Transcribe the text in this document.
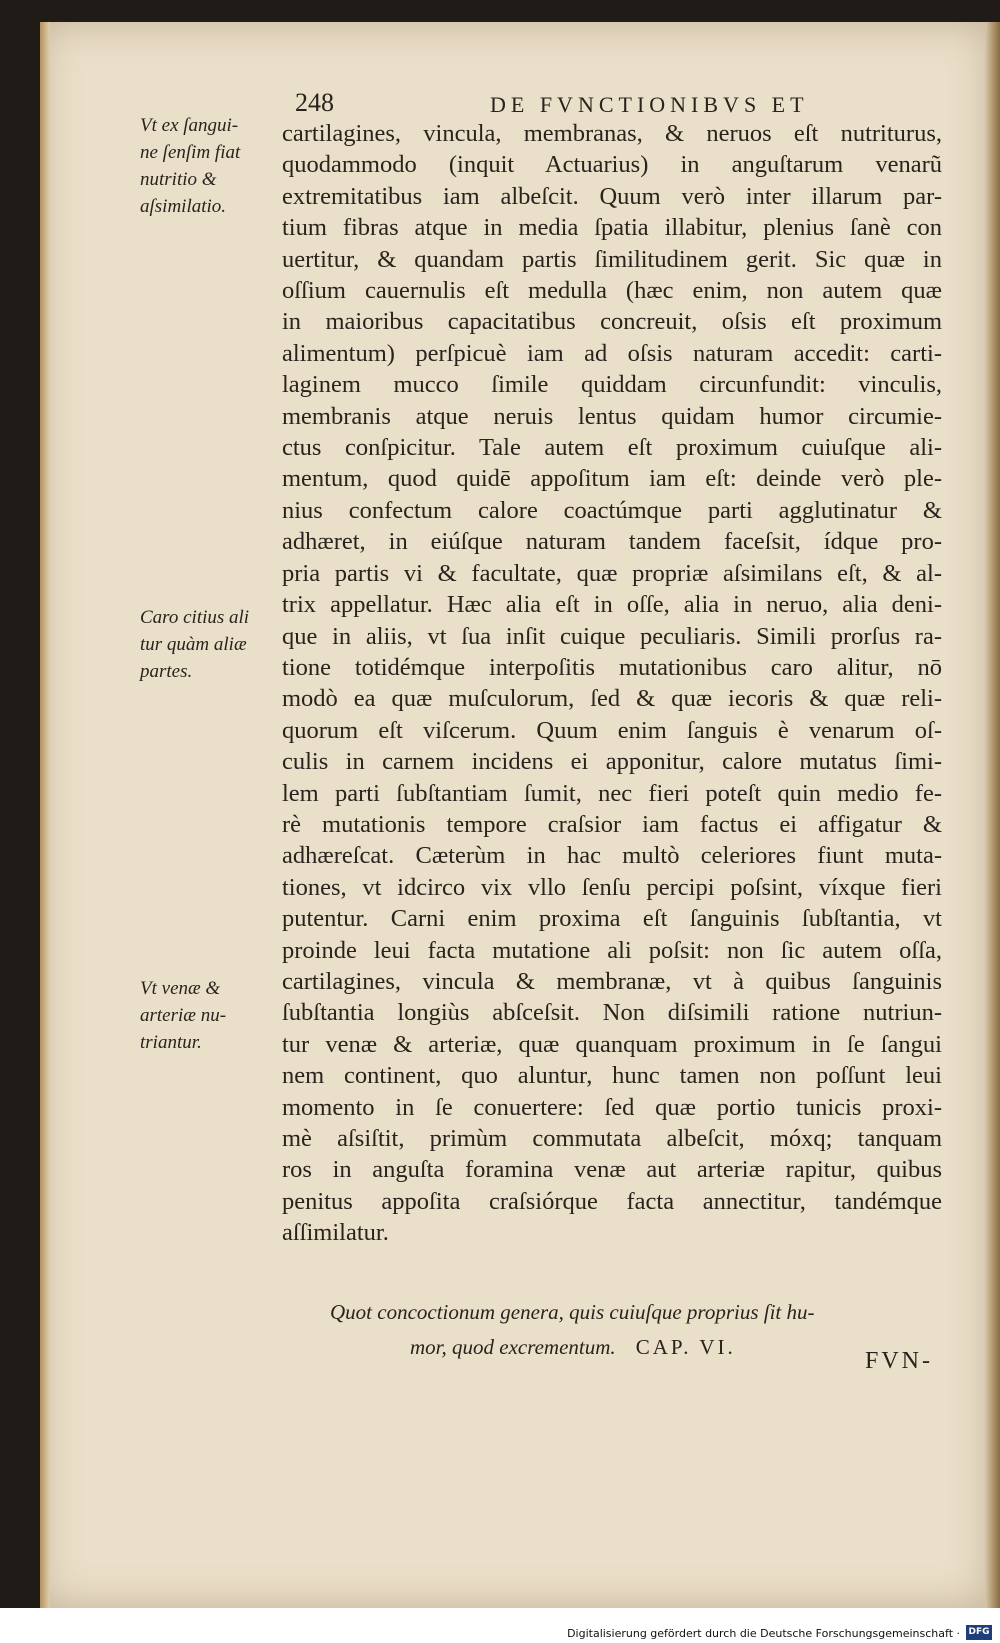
248	DE FVNCTIONIBVS ET
Vt ex ſangui-
ne ſenſim fiat
nutritio &
aſsimilatio.
Caro citius ali
tur quàm aliæ
partes.
Vt venæ &
arteriæ nu-
triantur.
cartilagines, vincula, membranas, & neruos eſt nutriturus,
quodammodo (inquit Actuarius) in anguſtarum venarũ
extremitatibus iam albeſcit. Quum verò inter illarum par-
tium fibras atque in media ſpatia illabitur, plenius ſanè con
uertitur, & quandam partis ſimilitudinem gerit. Sic quæ in
oſſium cauernulis eſt medulla (hæc enim, non autem quæ
in maioribus capacitatibus concreuit, oſsis eſt proximum
alimentum) perſpicuè iam ad oſsis naturam accedit: carti-
laginem mucco ſimile quiddam circunfundit: vinculis,
membranis atque neruis lentus quidam humor circumie-
ctus conſpicitur. Tale autem eſt proximum cuiuſque ali-
mentum, quod quidē appoſitum iam eſt: deinde verò ple-
nius confectum calore coactúmque parti agglutinatur &
adhæret, in eiúſque naturam tandem faceſsit, ídque pro-
pria partis vi & facultate, quæ propriæ aſsimilans eſt, & al-
trix appellatur. Hæc alia eſt in oſſe, alia in neruo, alia deni-
que in aliis, vt ſua inſit cuique peculiaris. Simili prorſus ra-
tione totidémque interpoſitis mutationibus caro alitur, nō
modò ea quæ muſculorum, ſed & quæ iecoris & quæ reli-
quorum eſt viſcerum. Quum enim ſanguis è venarum oſ-
culis in carnem incidens ei apponitur, calore mutatus ſimi-
lem parti ſubſtantiam ſumit, nec fieri poteſt quin medio fe-
rè mutationis tempore craſsior iam factus ei affigatur &
adhæreſcat. Cæterùm in hac multò celeriores fiunt muta-
tiones, vt idcirco vix vllo ſenſu percipi poſsint, víxque fieri
putentur. Carni enim proxima eſt ſanguinis ſubſtantia, vt
proinde leui facta mutatione ali poſsit: non ſic autem oſſa,
cartilagines, vincula & membranæ, vt à quibus ſanguinis
ſubſtantia longiùs abſceſsit. Non diſsimili ratione nutriun-
tur venæ & arteriæ, quæ quanquam proximum in ſe ſangui
nem continent, quo aluntur, hunc tamen non poſſunt leui
momento in ſe conuertere: ſed quæ portio tunicis proxi-
mè aſsiſtit, primùm commutata albeſcit, móxq; tanquam
ros in anguſta foramina venæ aut arteriæ rapitur, quibus
penitus appoſita craſsiórque facta annectitur, tandémque
aſſimilatur.
Quot concoctionum genera, quis cuiuſque proprius ſit hu-
mor, quod excrementum. CAP. VI.
FVN-
Digitalisierung gefördert durch die Deutsche Forschungsgemeinschaft · DFG
